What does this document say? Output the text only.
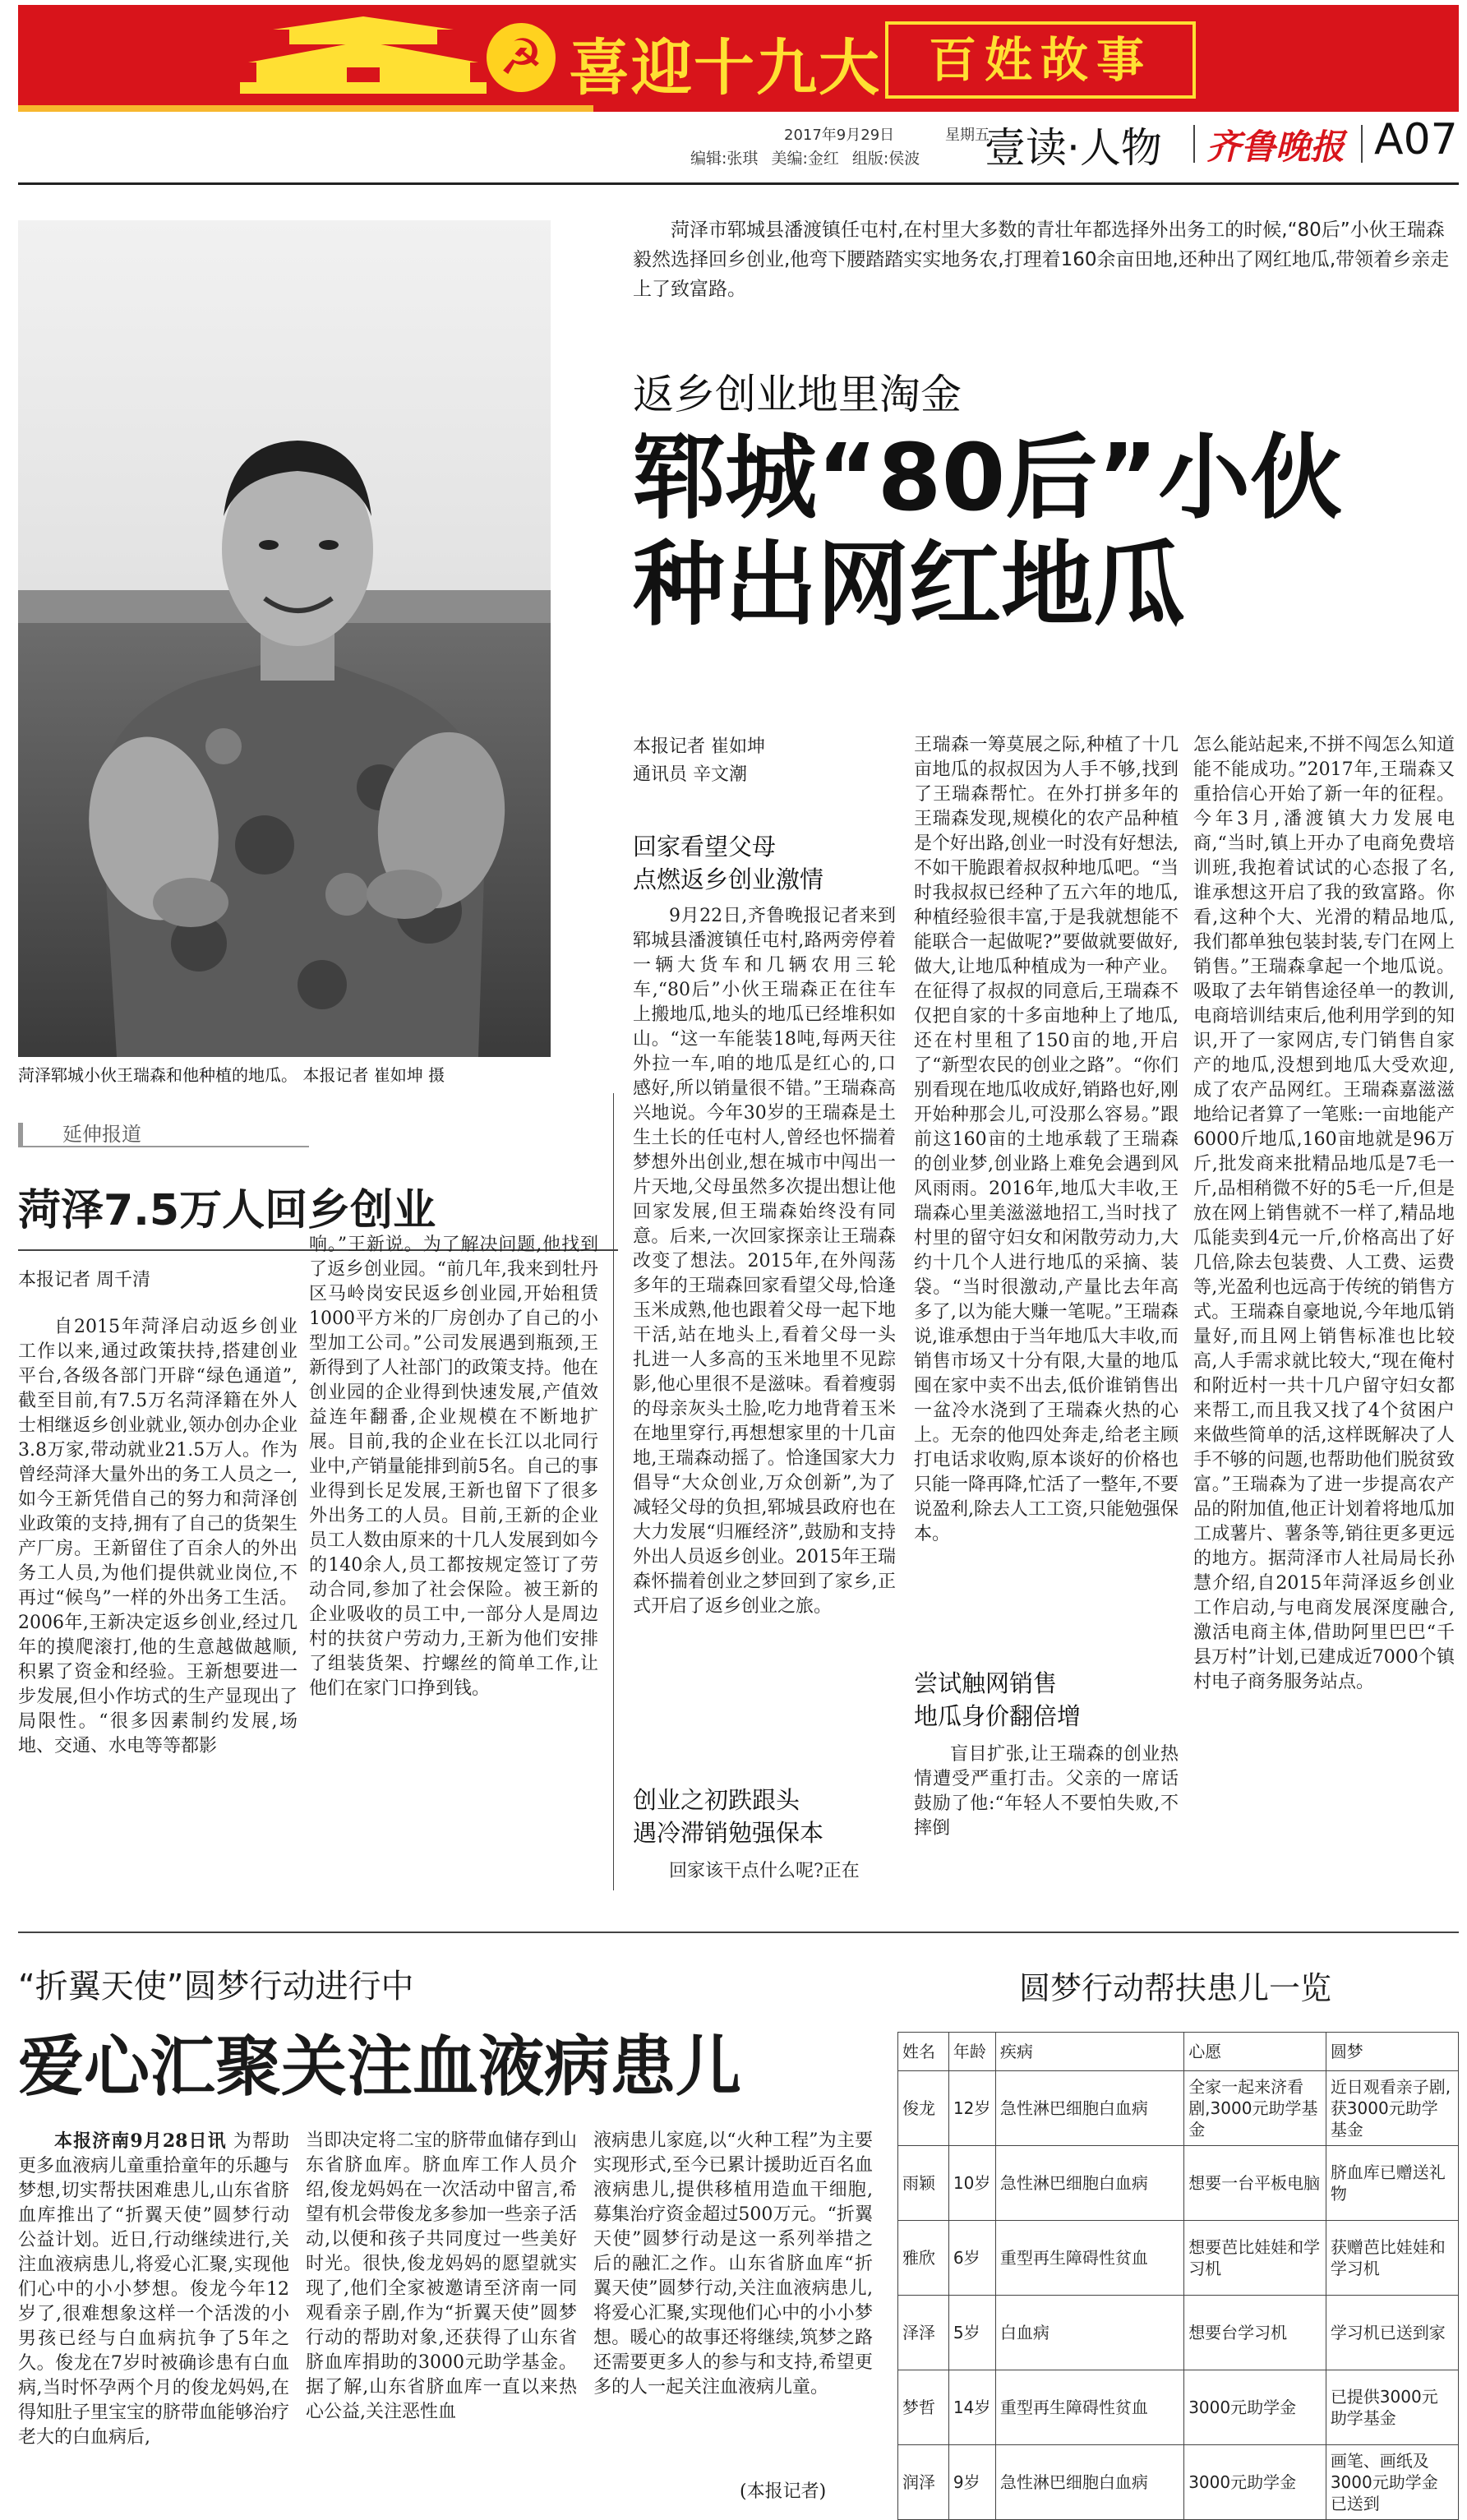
☭ 喜迎十九大 百姓故事
2017年9月29日	星期五
编辑:张琪 美编:金红 组版:侯波 壹读·人物 齐鲁晚报 A07
菏泽郓城小伙王瑞森和他种植的地瓜。 本报记者 崔如坤 摄

菏泽市郓城县潘渡镇任屯村,在村里大多数的青壮年都选择外出务工的时候,“80后”小伙王瑞森毅然选择回乡创业,他弯下腰踏踏实实地务农,打理着160余亩田地,还种出了网红地瓜,带领着乡亲走上了致富路。

返乡创业地里淘金
郓城“80后”小伙
种出网红地瓜
本报记者 崔如坤
通讯员 辛文潮
回家看望父母
点燃返乡创业激情

9月22日,齐鲁晚报记者来到郓城县潘渡镇任屯村,路两旁停着一辆大货车和几辆农用三轮车,“80后”小伙王瑞森正在往车上搬地瓜,地头的地瓜已经堆积如山。“这一车能装18吨,每两天往外拉一车,咱的地瓜是红心的,口感好,所以销量很不错。”王瑞森高兴地说。今年30岁的王瑞森是土生土长的任屯村人,曾经也怀揣着梦想外出创业,想在城市中闯出一片天地,父母虽然多次提出想让他回家发展,但王瑞森始终没有同意。后来,一次回家探亲让王瑞森改变了想法。2015年,在外闯荡多年的王瑞森回家看望父母,恰逢玉米成熟,他也跟着父母一起下地干活,站在地头上,看着父母一头扎进一人多高的玉米地里不见踪影,他心里很不是滋味。看着瘦弱的母亲灰头土脸,吃力地背着玉米在地里穿行,再想想家里的十几亩地,王瑞森动摇了。恰逢国家大力倡导“大众创业,万众创新”,为了减轻父母的负担,郓城县政府也在大力发展“归雁经济”,鼓励和支持外出人员返乡创业。2015年王瑞森怀揣着创业之梦回到了家乡,正式开启了返乡创业之旅。

创业之初跌跟头
遇冷滞销勉强保本

回家该干点什么呢?正在

王瑞森一筹莫展之际,种植了十几亩地瓜的叔叔因为人手不够,找到了王瑞森帮忙。在外打拼多年的王瑞森发现,规模化的农产品种植是个好出路,创业一时没有好想法,不如干脆跟着叔叔种地瓜吧。“当时我叔叔已经种了五六年的地瓜,种植经验很丰富,于是我就想能不能联合一起做呢?”要做就要做好,做大,让地瓜种植成为一种产业。在征得了叔叔的同意后,王瑞森不仅把自家的十多亩地种上了地瓜,还在村里租了150亩的地,开启了“新型农民的创业之路”。“你们别看现在地瓜收成好,销路也好,刚开始种那会儿,可没那么容易。”跟前这160亩的土地承载了王瑞森的创业梦,创业路上难免会遇到风风雨雨。2016年,地瓜大丰收,王瑞森心里美滋滋地招工,当时找了村里的留守妇女和闲散劳动力,大约十几个人进行地瓜的采摘、装袋。“当时很激动,产量比去年高多了,以为能大赚一笔呢。”王瑞森说,谁承想由于当年地瓜大丰收,而销售市场又十分有限,大量的地瓜囤在家中卖不出去,低价谁销售出一盆冷水浇到了王瑞森火热的心上。无奈的他四处奔走,给老主顾打电话求收购,原本谈好的价格也只能一降再降,忙活了一整年,不要说盈利,除去人工工资,只能勉强保本。

尝试触网销售
地瓜身价翻倍增

盲目扩张,让王瑞森的创业热情遭受严重打击。父亲的一席话鼓励了他:“年轻人不要怕失败,不摔倒

怎么能站起来,不拼不闯怎么知道能不能成功。”2017年,王瑞森又重拾信心开始了新一年的征程。今年3月,潘渡镇大力发展电商,“当时,镇上开办了电商免费培训班,我抱着试试的心态报了名,谁承想这开启了我的致富路。你看,这种个大、光滑的精品地瓜,我们都单独包装封装,专门在网上销售。”王瑞森拿起一个地瓜说。吸取了去年销售途径单一的教训,电商培训结束后,他利用学到的知识,开了一家网店,专门销售自家产的地瓜,没想到地瓜大受欢迎,成了农产品网红。王瑞森嘉滋滋地给记者算了一笔账:一亩地能产6000斤地瓜,160亩地就是96万斤,批发商来批精品地瓜是7毛一斤,品相稍微不好的5毛一斤,但是放在网上销售就不一样了,精品地瓜能卖到4元一斤,价格高出了好几倍,除去包装费、人工费、运费等,光盈利也远高于传统的销售方式。王瑞森自豪地说,今年地瓜销量好,而且网上销售标准也比较高,人手需求就比较大,“现在俺村和附近村一共十几户留守妇女都来帮工,而且我又找了4个贫困户来做些简单的活,这样既解决了人手不够的问题,也帮助他们脱贫致富。”王瑞森为了进一步提高农产品的附加值,他正计划着将地瓜加工成薯片、薯条等,销往更多更远的地方。据菏泽市人社局局长孙慧介绍,自2015年菏泽返乡创业工作启动,与电商发展深度融合,激活电商主体,借助阿里巴巴“千县万村”计划,已建成近7000个镇村电子商务服务站点。

延伸报道
菏泽7.5万人回乡创业
本报记者 周千清

自2015年菏泽启动返乡创业工作以来,通过政策扶持,搭建创业平台,各级各部门开辟“绿色通道”,截至目前,有7.5万名菏泽籍在外人士相继返乡创业就业,领办创办企业3.8万家,带动就业21.5万人。作为曾经菏泽大量外出的务工人员之一,如今王新凭借自己的努力和菏泽创业政策的支持,拥有了自己的货架生产厂房。王新留住了百余人的外出务工人员,为他们提供就业岗位,不再过“候鸟”一样的外出务工生活。2006年,王新决定返乡创业,经过几年的摸爬滚打,他的生意越做越顺,积累了资金和经验。王新想要进一步发展,但小作坊式的生产显现出了局限性。“很多因素制约发展,场地、交通、水电等等都影

响。”王新说。为了解决问题,他找到了返乡创业园。“前几年,我来到牡丹区马岭岗安民返乡创业园,开始租赁1000平方米的厂房创办了自己的小型加工公司。”公司发展遇到瓶颈,王新得到了人社部门的政策支持。他在创业园的企业得到快速发展,产值效益连年翻番,企业规模在不断地扩展。目前,我的企业在长江以北同行业中,产销量能排到前5名。自己的事业得到长足发展,王新也留下了很多外出务工的人员。目前,王新的企业员工人数由原来的十几人发展到如今的140余人,员工都按规定签订了劳动合同,参加了社会保险。被王新的企业吸收的员工中,一部分人是周边村的扶贫户劳动力,王新为他们安排了组装货架、拧螺丝的简单工作,让他们在家门口挣到钱。

“折翼天使”圆梦行动进行中
爱心汇聚关注血液病患儿

本报济南9月28日讯 为帮助更多血液病儿童重拾童年的乐趣与梦想,切实帮扶困难患儿,山东省脐血库推出了“折翼天使”圆梦行动公益计划。近日,行动继续进行,关注血液病患儿,将爱心汇聚,实现他们心中的小小梦想。俊龙今年12岁了,很难想象这样一个活泼的小男孩已经与白血病抗争了5年之久。俊龙在7岁时被确诊患有白血病,当时怀孕两个月的俊龙妈妈,在得知肚子里宝宝的脐带血能够治疗老大的白血病后,

当即决定将二宝的脐带血储存到山东省脐血库。脐血库工作人员介绍,俊龙妈妈在一次活动中留言,希望有机会带俊龙多参加一些亲子活动,以便和孩子共同度过一些美好时光。很快,俊龙妈妈的愿望就实现了,他们全家被邀请至济南一同观看亲子剧,作为“折翼天使”圆梦行动的帮助对象,还获得了山东省脐血库捐助的3000元助学基金。据了解,山东省脐血库一直以来热心公益,关注恶性血

液病患儿家庭,以“火种工程”为主要实现形式,至今已累计援助近百名血液病患儿,提供移植用造血干细胞,募集治疗资金超过500万元。“折翼天使”圆梦行动是这一系列举措之后的融汇之作。山东省脐血库“折翼天使”圆梦行动,关注血液病患儿,将爱心汇聚,实现他们心中的小小梦想。暖心的故事还将继续,筑梦之路还需要更多人的参与和支持,希望更多的人一起关注血液病儿童。

(本报记者)
圆梦行动帮扶患儿一览
姓名	年龄	疾病	心愿	圆梦
俊龙	12岁	急性淋巴细胞白血病	全家一起来济看剧,3000元助学基金	近日观看亲子剧,获3000元助学基金
雨颖	10岁	急性淋巴细胞白血病	想要一台平板电脑	脐血库已赠送礼物
雅欣	6岁	重型再生障碍性贫血	想要芭比娃娃和学习机	获赠芭比娃娃和学习机
泽泽	5岁	白血病	想要台学习机	学习机已送到家
梦哲	14岁	重型再生障碍性贫血	3000元助学金	已提供3000元助学基金
润泽	9岁	急性淋巴细胞白血病	3000元助学金	画笔、画纸及3000元助学金已送到
